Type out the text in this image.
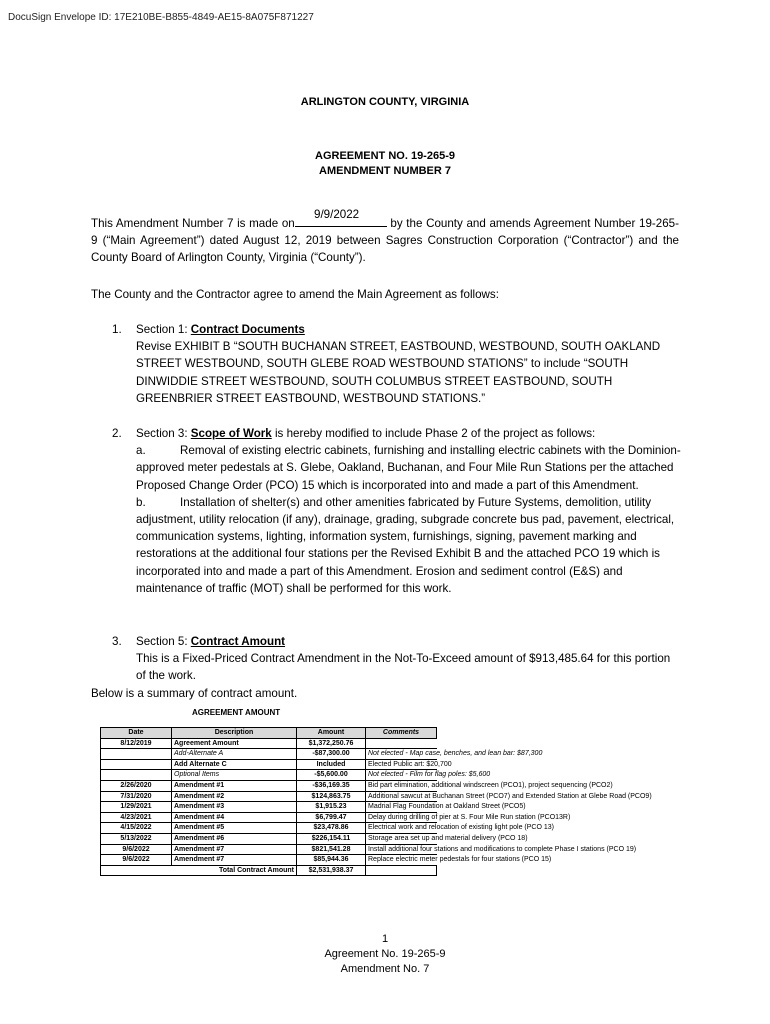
DocuSign Envelope ID: 17E210BE-B855-4849-AE15-8A075F871227
ARLINGTON COUNTY, VIRGINIA
AGREEMENT NO. 19-265-9
AMENDMENT NUMBER 7
9/9/2022
This Amendment Number 7 is made on	by the County and amends Agreement Number 19-265-9 (“Main Agreement”) dated August 12, 2019 between Sagres Construction Corporation (“Contractor”) and the County Board of Arlington County, Virginia (“County”).
The County and the Contractor agree to amend the Main Agreement as follows:
1. Section 1: Contract Documents
Revise EXHIBIT B “SOUTH BUCHANAN STREET, EASTBOUND, WESTBOUND, SOUTH OAKLAND STREET WESTBOUND, SOUTH GLEBE ROAD WESTBOUND STATIONS” to include “SOUTH DINWIDDIE STREET WESTBOUND, SOUTH COLUMBUS STREET EASTBOUND, SOUTH GREENBRIER STREET EASTBOUND, WESTBOUND STATIONS.”
2. Section 3: Scope of Work is hereby modified to include Phase 2 of the project as follows:
a.	Removal of existing electric cabinets, furnishing and installing electric cabinets with the Dominion-approved meter pedestals at S. Glebe, Oakland, Buchanan, and Four Mile Run Stations per the attached Proposed Change Order (PCO) 15 which is incorporated into and made a part of this Amendment.
b.	Installation of shelter(s) and other amenities fabricated by Future Systems, demolition, utility adjustment, utility relocation (if any), drainage, grading, subgrade concrete bus pad, pavement, electrical, communication systems, lighting, information system, furnishings, signing, pavement marking and restorations at the additional four stations per the Revised Exhibit B and the attached PCO 19 which is incorporated into and made a part of this Amendment. Erosion and sediment control (E&S) and maintenance of traffic (MOT) shall be performed for this work.
3. Section 5: Contract Amount
This is a Fixed-Priced Contract Amendment in the Not-To-Exceed amount of $913,485.64 for this portion of the work.
Below is a summary of contract amount.
AGREEMENT AMOUNT
Date	Description	Amount	Comments
8/12/2019	Agreement Amount	$1,372,250.76	
	Add-Alternate A	-$87,300.00	Not elected - Map case, benches, and lean bar: $87,300
	Add Alternate C	Included	Elected Public art: $20,700
	Optional Items	-$5,600.00	Not elected - Film for flag poles: $5,600
2/26/2020	Amendment #1	-$36,169.35	Bid part elimination, additional windscreen (PCO1), project sequencing (PCO2)
7/31/2020	Amendment #2	$124,863.75	Additional sawcut at Buchanan Street (PCO7) and Extended Station at Glebe Road (PCO9)
1/29/2021	Amendment #3	$1,915.23	Madrial Flag Foundation at Oakland Street (PCO5)
4/23/2021	Amendment #4	$6,799.47	Delay during drilling of pier at S. Four Mile Run station (PCO13R)
4/15/2022	Amendment #5	$23,478.86	Electrical work and relocation of existing light pole (PCO 13)
5/13/2022	Amendment #6	$226,154.11	Storage area set up and material delivery (PCO 18)
9/6/2022	Amendment #7	$821,541.28	Install additional four stations and modifications to complete Phase I stations (PCO 19)
9/6/2022	Amendment #7	$85,944.36	Replace electric meter pedestals for four stations (PCO 15)
Total Contract Amount		$2,531,938.37	
1
Agreement No. 19-265-9
Amendment No. 7
